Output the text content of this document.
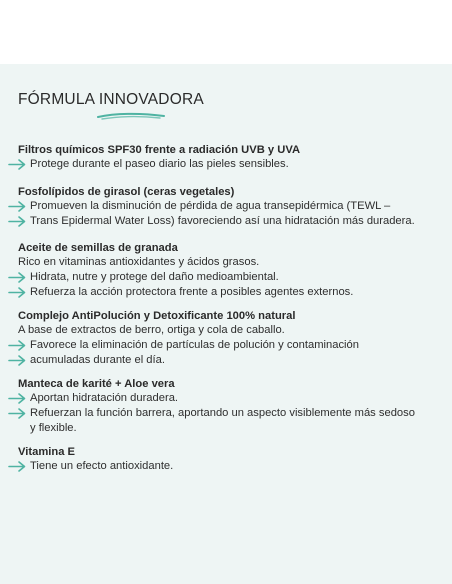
FÓRMULA INNOVADORA

Filtros químicos SPF30 frente a radiación UVB y UVA

Protege durante el paseo diario las pieles sensibles.

Fosfolípidos de girasol (ceras vegetales)

Promueven la disminución de pérdida de agua transepidérmica (TEWL –
Trans Epidermal Water Loss) favoreciendo así una hidratación más duradera.

Aceite de semillas de granada

Rico en vitaminas antioxidantes y ácidos grasos.
Hidrata, nutre y protege del daño medioambiental.
Refuerza la acción protectora frente a posibles agentes externos.

Complejo AntiPolución y Detoxificante 100% natural

A base de extractos de berro, ortiga y cola de caballo.
Favorece la eliminación de partículas de polución y contaminación
acumuladas durante el día.

Manteca de karité + Aloe vera

Aportan hidratación duradera.
Refuerzan la función barrera, aportando un aspecto visiblemente más sedoso
y flexible.

Vitamina E

Tiene un efecto antioxidante.
